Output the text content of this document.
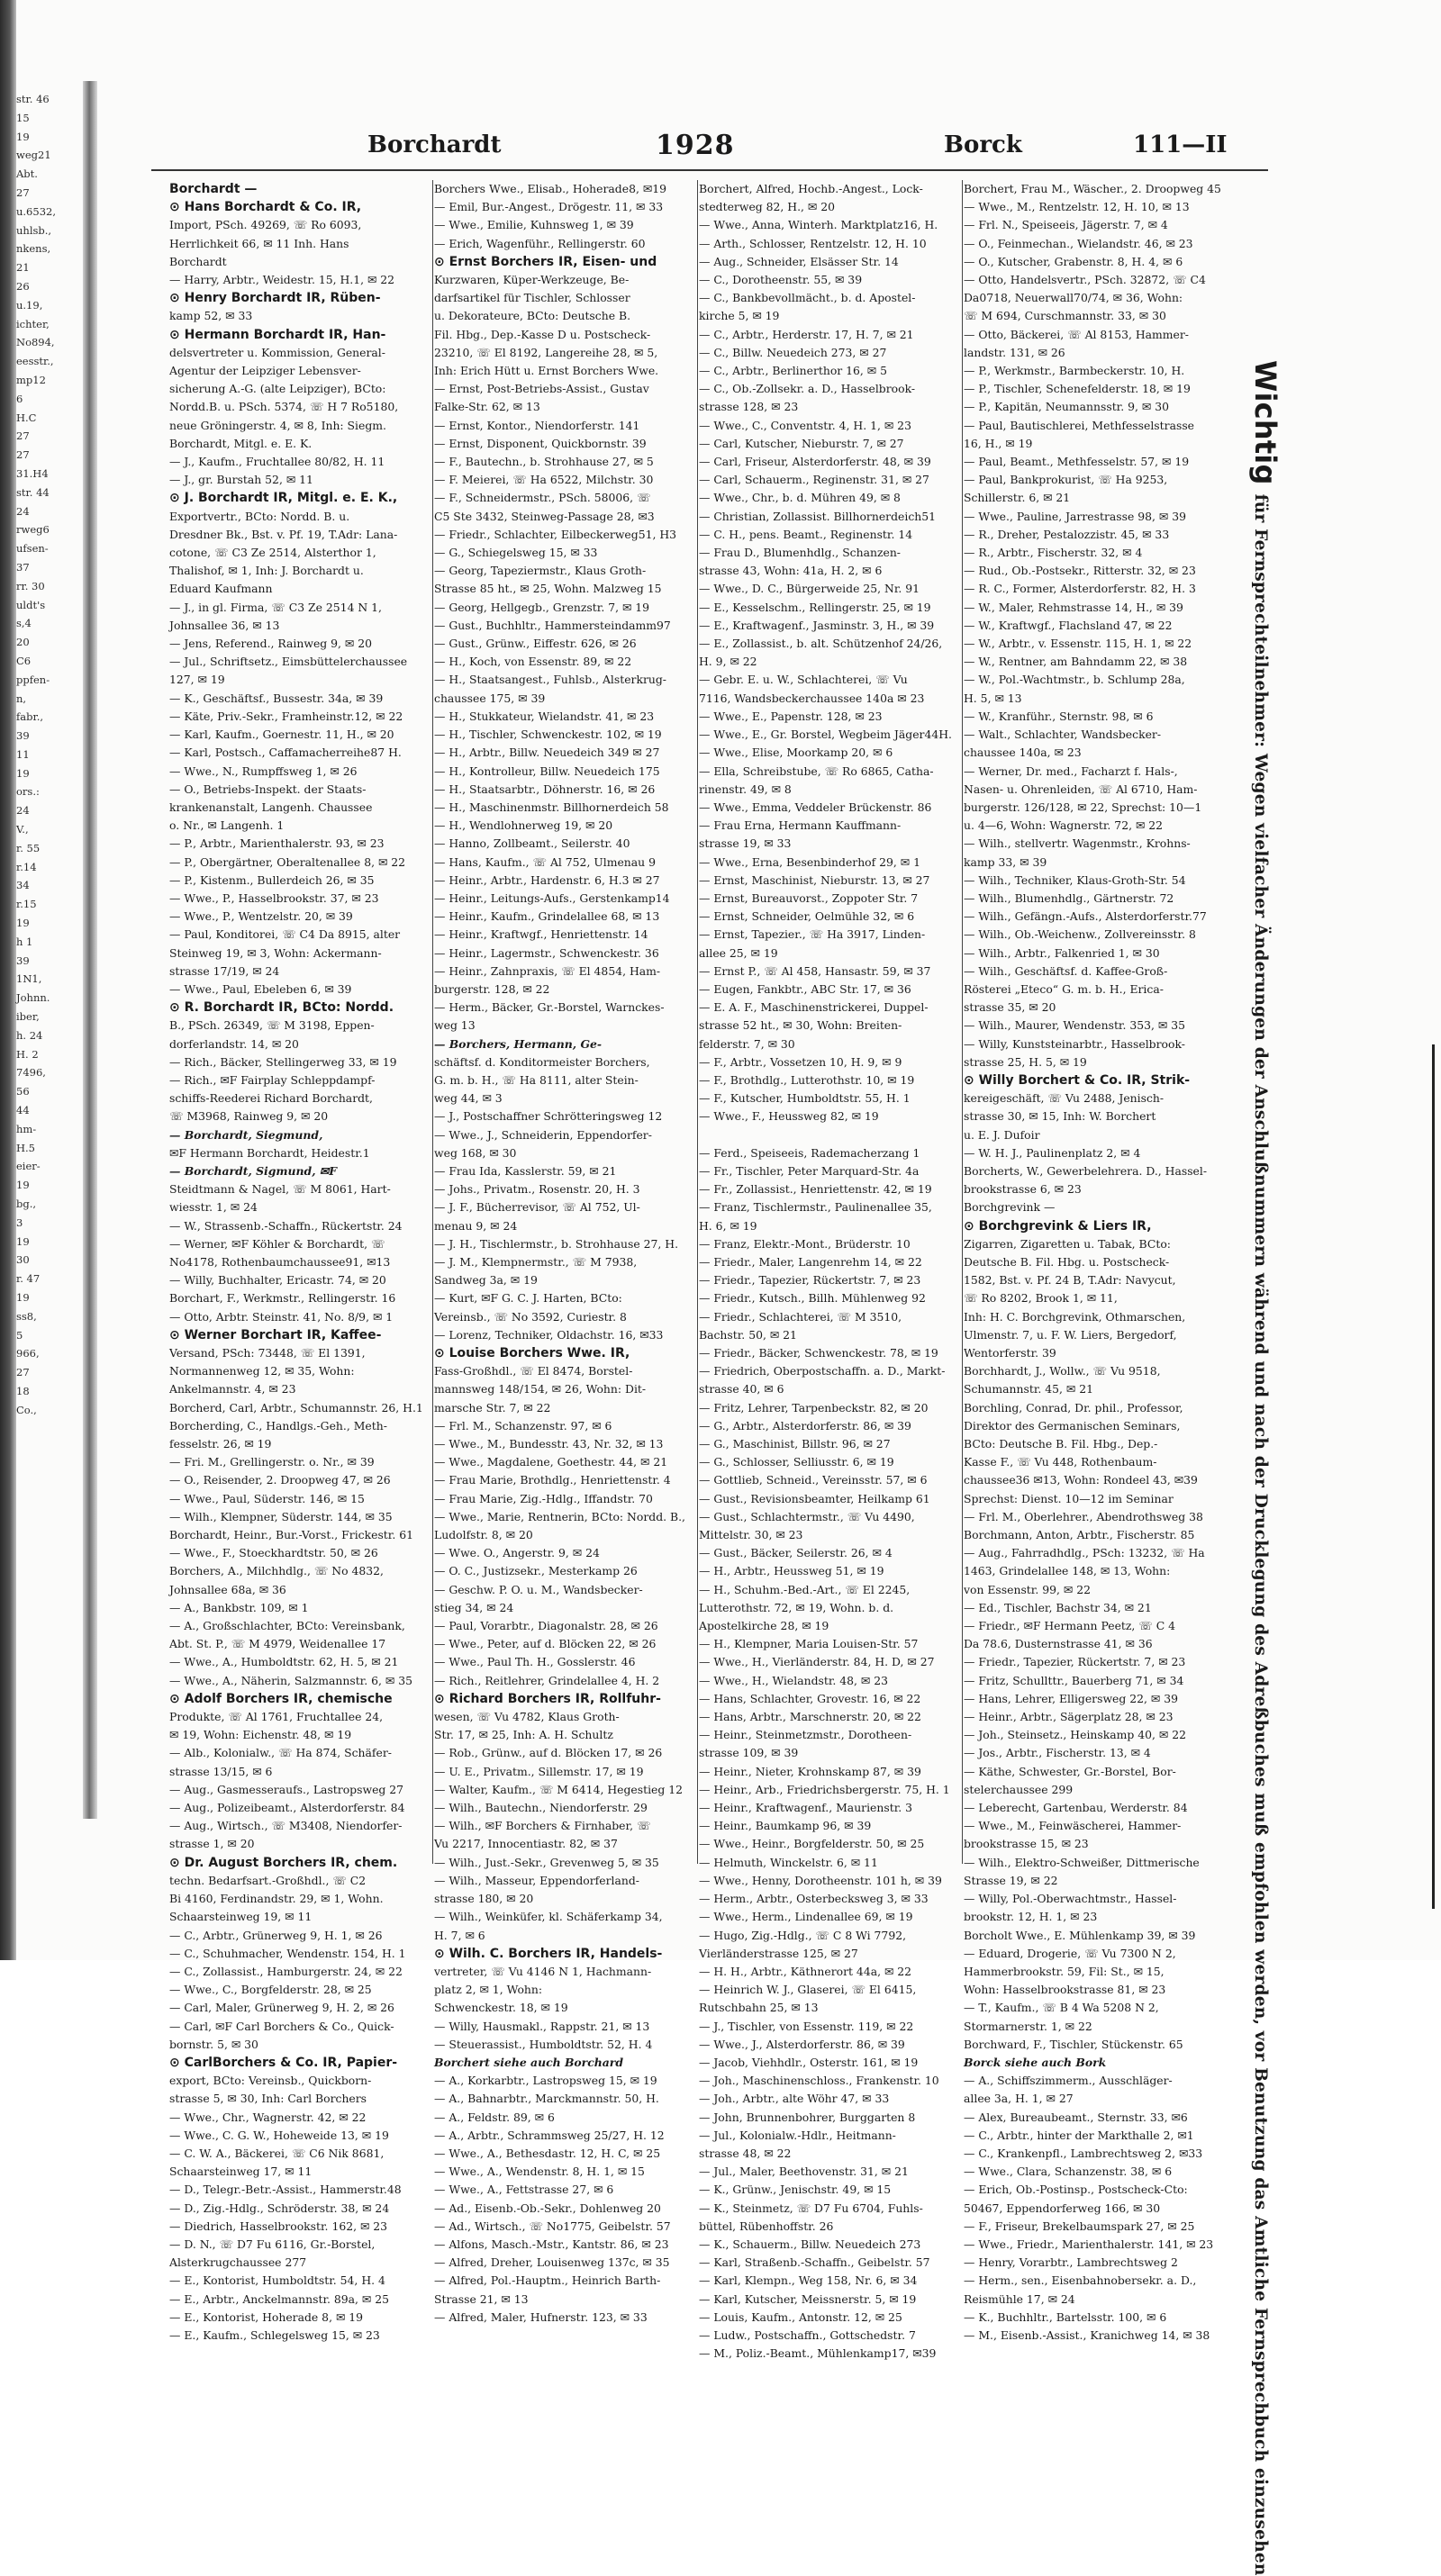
str. 46
15
19
weg21
Abt.
27
u.6532,
uhlsb.,
nkens,
21
26
u.19,
ichter,
No894,
eesstr.,
mp12
6
H.C
27
27
31.H4
str. 44
24
rweg6
ufsen-
37
rr. 30
uldt's
s,4
20
C6
ppfen-
n,
fabr.,
39
11
19
ors.:
24
V.,
r. 55
r.14
34
r.15
19
h 1
39
1N1,
Johnn.
iber,
h. 24
H. 2
7496,
56
44
hm-
H.5
eier-
19
bg.,
3
19
30
r. 47
19
ss8,
5
966,
27
18
Co.,
Borchardt	1928	Borck	111—II
Borchardt —
⊙ Hans Borchardt & Co. IR,
Import, PSch. 49269, ☏ Ro 6093,
Herrlichkeit 66, ✉ 11 Inh. Hans
Borchardt
— Harry, Arbtr., Weidestr. 15, H.1, ✉ 22
⊙ Henry Borchardt IR, Rüben-
kamp 52, ✉ 33
⊙ Hermann Borchardt IR, Han-
delsvertreter u. Kommission, General-
Agentur der Leipziger Lebensver-
sicherung A.-G. (alte Leipziger), BCto:
Nordd.B. u. PSch. 5374, ☏ H 7 Ro5180,
neue Gröningerstr. 4, ✉ 8, Inh: Siegm.
Borchardt, Mitgl. e. E. K.
— J., Kaufm., Fruchtallee 80/82, H. 11
— J., gr. Burstah 52, ✉ 11
⊙ J. Borchardt IR, Mitgl. e. E. K.,
Exportvertr., BCto: Nordd. B. u.
Dresdner Bk., Bst. v. Pf. 19, T.Adr: Lana-
cotone, ☏ C3 Ze 2514, Alsterthor 1,
Thalishof, ✉ 1, Inh: J. Borchardt u.
Eduard Kaufmann
— J., in gl. Firma, ☏ C3 Ze 2514 N 1,
Johnsallee 36, ✉ 13
— Jens, Referend., Rainweg 9, ✉ 20
— Jul., Schriftsetz., Eimsbüttelerchaussee
127, ✉ 19
— K., Geschäftsf., Bussestr. 34a, ✉ 39
— Käte, Priv.-Sekr., Framheinstr.12, ✉ 22
— Karl, Kaufm., Goernestr. 11, H., ✉ 20
— Karl, Postsch., Caffamacherreihe87 H.
— Wwe., N., Rumpffsweg 1, ✉ 26
— O., Betriebs-Inspekt. der Staats-
krankenanstalt, Langenh. Chaussee
o. Nr., ✉ Langenh. 1
— P., Arbtr., Marienthalerstr. 93, ✉ 23
— P., Obergärtner, Oberaltenallee 8, ✉ 22
— P., Kistenm., Bullerdeich 26, ✉ 35
— Wwe., P., Hasselbrookstr. 37, ✉ 23
— Wwe., P., Wentzelstr. 20, ✉ 39
— Paul, Konditorei, ☏ C4 Da 8915, alter
Steinweg 19, ✉ 3, Wohn: Ackermann-
strasse 17/19, ✉ 24
— Wwe., Paul, Ebeleben 6, ✉ 39
⊙ R. Borchardt IR, BCto: Nordd.
B., PSch. 26349, ☏ M 3198, Eppen-
dorferlandstr. 14, ✉ 20
— Rich., Bäcker, Stellingerweg 33, ✉ 19
— Rich., ✉F Fairplay Schleppdampf-
schiffs-Reederei Richard Borchardt,
☏ M3968, Rainweg 9, ✉ 20
— Borchardt, Siegmund,
✉F Hermann Borchardt, Heidestr.1
— Borchardt, Sigmund, ✉F
Steidtmann & Nagel, ☏ M 8061, Hart-
wiesstr. 1, ✉ 24
— W., Strassenb.-Schaffn., Rückertstr. 24
— Werner, ✉F Köhler & Borchardt, ☏
No4178, Rothenbaumchaussee91, ✉13
— Willy, Buchhalter, Ericastr. 74, ✉ 20
Borchart, F., Werkmstr., Rellingerstr. 16
— Otto, Arbtr. Steinstr. 41, No. 8/9, ✉ 1
⊙ Werner Borchart IR, Kaffee-
Versand, PSch: 73448, ☏ El 1391,
Normannenweg 12, ✉ 35, Wohn:
Ankelmannstr. 4, ✉ 23
Borcherd, Carl, Arbtr., Schumannstr. 26, H.1
Borcherding, C., Handlgs.-Geh., Meth-
fesselstr. 26, ✉ 19
— Fri. M., Grellingerstr. o. Nr., ✉ 39
— O., Reisender, 2. Droopweg 47, ✉ 26
— Wwe., Paul, Süderstr. 146, ✉ 15
— Wilh., Klempner, Süderstr. 144, ✉ 35
Borchardt, Heinr., Bur.-Vorst., Frickestr. 61
— Wwe., F., Stoeckhardtstr. 50, ✉ 26
Borchers, A., Milchhdlg., ☏ No 4832,
Johnsallee 68a, ✉ 36
— A., Bankbstr. 109, ✉ 1
— A., Großschlachter, BCto: Vereinsbank,
Abt. St. P., ☏ M 4979, Weidenallee 17
— Wwe., A., Humboldtstr. 62, H. 5, ✉ 21
— Wwe., A., Näherin, Salzmannstr. 6, ✉ 35
⊙ Adolf Borchers IR, chemische
Produkte, ☏ Al 1761, Fruchtallee 24,
✉ 19, Wohn: Eichenstr. 48, ✉ 19
— Alb., Kolonialw., ☏ Ha 874, Schäfer-
strasse 13/15, ✉ 6
— Aug., Gasmesseraufs., Lastropsweg 27
— Aug., Polizeibeamt., Alsterdorferstr. 84
— Aug., Wirtsch., ☏ M3408, Niendorfer-
strasse 1, ✉ 20
⊙ Dr. August Borchers IR, chem.
techn. Bedarfsart.-Großhdl., ☏ C2
Bi 4160, Ferdinandstr. 29, ✉ 1, Wohn.
Schaarsteinweg 19, ✉ 11
— C., Arbtr., Grünerweg 9, H. 1, ✉ 26
— C., Schuhmacher, Wendenstr. 154, H. 1
— C., Zollassist., Hamburgerstr. 24, ✉ 22
— Wwe., C., Borgfelderstr. 28, ✉ 25
— Carl, Maler, Grünerweg 9, H. 2, ✉ 26
— Carl, ✉F Carl Borchers & Co., Quick-
bornstr. 5, ✉ 30
⊙ CarlBorchers & Co. IR, Papier-
export, BCto: Vereinsb., Quickborn-
strasse 5, ✉ 30, Inh: Carl Borchers
— Wwe., Chr., Wagnerstr. 42, ✉ 22
— Wwe., C. G. W., Hoheweide 13, ✉ 19
— C. W. A., Bäckerei, ☏ C6 Nik 8681,
Schaarsteinweg 17, ✉ 11
— D., Telegr.-Betr.-Assist., Hammerstr.48
— D., Zig.-Hdlg., Schröderstr. 38, ✉ 24
— Diedrich, Hasselbrookstr. 162, ✉ 23
— D. N., ☏ D7 Fu 6116, Gr.-Borstel,
Alsterkrugchaussee 277
— E., Kontorist, Humboldtstr. 54, H. 4
— E., Arbtr., Anckelmannstr. 89a, ✉ 25
— E., Kontorist, Hoheradе 8, ✉ 19
— E., Kaufm., Schlegelsweg 15, ✉ 23
Borchers Wwe., Elisab., Hoheradе8, ✉19
— Emil, Bur.-Angest., Drögestr. 11, ✉ 33
— Wwe., Emilie, Kuhnsweg 1, ✉ 39
— Erich, Wagenführ., Rellingerstr. 60
⊙ Ernst Borchers IR, Eisen- und
Kurzwaren, Küper-Werkzeuge, Be-
darfsartikel für Tischler, Schlosser
u. Dekorateure, BCto: Deutsche B.
Fil. Hbg., Dep.-Kasse D u. Postscheck-
23210, ☏ El 8192, Langereihe 28, ✉ 5,
Inh: Erich Hütt u. Ernst Borchers Wwe.
— Ernst, Post-Betriebs-Assist., Gustav
Falke-Str. 62, ✉ 13
— Ernst, Kontor., Niendorferstr. 141
— Ernst, Disponent, Quickbornstr. 39
— F., Bautechn., b. Strohhause 27, ✉ 5
— F. Meierei, ☏ Ha 6522, Milchstr. 30
— F., Schneidermstr., PSch. 58006, ☏
C5 Ste 3432, Steinweg-Passage 28, ✉3
— Friedr., Schlachter, Eilbeckerweg51, H3
— G., Schiegelsweg 15, ✉ 33
— Georg, Tapeziermstr., Klaus Groth-
Strasse 85 ht., ✉ 25, Wohn. Malzweg 15
— Georg, Hellgegb., Grenzstr. 7, ✉ 19
— Gust., Buchhltr., Hammersteindamm97
— Gust., Grünw., Eiffestr. 626, ✉ 26
— H., Koch, von Essenstr. 89, ✉ 22
— H., Staatsangest., Fuhlsb., Alsterkrug-
chaussee 175, ✉ 39
— H., Stukkateur, Wielandstr. 41, ✉ 23
— H., Tischler, Schwenckestr. 102, ✉ 19
— H., Arbtr., Billw. Neuedeich 349 ✉ 27
— H., Kontrolleur, Billw. Neuedeich 175
— H., Staatsarbtr., Döhnerstr. 16, ✉ 26
— H., Maschinenmstr. Billhornerdeich 58
— H., Wendlohnerweg 19, ✉ 20
— Hanno, Zollbeamt., Seilerstr. 40
— Hans, Kaufm., ☏ Al 752, Ulmenau 9
— Heinr., Arbtr., Hardenstr. 6, H.3 ✉ 27
— Heinr., Leitungs-Aufs., Gerstenkamp14
— Heinr., Kaufm., Grindelallee 68, ✉ 13
— Heinr., Kraftwgf., Henriettenstr. 14
— Heinr., Lagermstr., Schwenckestr. 36
— Heinr., Zahnpraxis, ☏ El 4854, Ham-
burgerstr. 128, ✉ 22
— Herm., Bäcker, Gr.-Borstel, Warnckes-
weg 13
— Borchers, Hermann, Ge-
schäftsf. d. Konditormeister Borchers,
G. m. b. H., ☏ Ha 8111, alter Stein-
weg 44, ✉ 3
— J., Postschaffner Schrötteringsweg 12
— Wwe., J., Schneiderin, Eppendorfer-
weg 168, ✉ 30
— Frau Ida, Kasslerstr. 59, ✉ 21
— Johs., Privatm., Rosenstr. 20, H. 3
— J. F., Bücherrevisor, ☏ Al 752, Ul-
menau 9, ✉ 24
— J. H., Tischlermstr., b. Strohhause 27, H.
— J. M., Klempnermstr., ☏ M 7938,
Sandweg 3a, ✉ 19
— Kurt, ✉F G. C. J. Harten, BCto:
Vereinsb., ☏ No 3592, Curiestr. 8
— Lorenz, Techniker, Oldachstr. 16, ✉33
⊙ Louise Borchers Wwe. IR,
Fass-Großhdl., ☏ El 8474, Borstel-
mannsweg 148/154, ✉ 26, Wohn: Dit-
marsche Str. 7, ✉ 22
— Frl. M., Schanzenstr. 97, ✉ 6
— Wwe., M., Bundesstr. 43, Nr. 32, ✉ 13
— Wwe., Magdalene, Goethestr. 44, ✉ 21
— Frau Marie, Brothdlg., Henriettenstr. 4
— Frau Marie, Zig.-Hdlg., Iffandstr. 70
— Wwe., Marie, Rentnerin, BCto: Nordd. B.,
Ludolfstr. 8, ✉ 20
— Wwe. O., Angerstr. 9, ✉ 24
— O. C., Justizsekr., Mesterkamp 26
— Geschw. P. O. u. M., Wandsbecker-
stieg 34, ✉ 24
— Paul, Vorarbtr., Diagonalstr. 28, ✉ 26
— Wwe., Peter, auf d. Blöcken 22, ✉ 26
— Wwe., Paul Th. H., Gosslerstr. 46
— Rich., Reitlehrer, Grindelallee 4, H. 2
⊙ Richard Borchers IR, Rollfuhr-
wesen, ☏ Vu 4782, Klaus Groth-
Str. 17, ✉ 25, Inh: A. H. Schultz
— Rob., Grünw., auf d. Blöcken 17, ✉ 26
— U. E., Privatm., Sillemstr. 17, ✉ 19
— Walter, Kaufm., ☏ M 6414, Hegestieg 12
— Wilh., Bautechn., Niendorferstr. 29
— Wilh., ✉F Borchers & Firnhaber, ☏
Vu 2217, Innocentiastr. 82, ✉ 37
— Wilh., Just.-Sekr., Grevenweg 5, ✉ 35
— Wilh., Masseur, Eppendorferland-
strasse 180, ✉ 20
— Wilh., Weinküfer, kl. Schäferkamp 34,
H. 7, ✉ 6
⊙ Wilh. C. Borchers IR, Handels-
vertreter, ☏ Vu 4146 N 1, Hachmann-
platz 2, ✉ 1, Wohn:
Schwenckestr. 18, ✉ 19
— Willy, Hausmakl., Rappstr. 21, ✉ 13
— Steuerassist., Humboldtstr. 52, H. 4
Borchert siehe auch Borchard
— A., Korkarbtr., Lastropsweg 15, ✉ 19
— A., Bahnarbtr., Marckmannstr. 50, H.
— A., Feldstr. 89, ✉ 6
— A., Arbtr., Schrammsweg 25/27, H. 12
— Wwe., A., Bethesdastr. 12, H. C, ✉ 25
— Wwe., A., Wendenstr. 8, H. 1, ✉ 15
— Wwe., A., Fettstrasse 27, ✉ 6
— Ad., Eisenb.-Ob.-Sekr., Dohlenweg 20
— Ad., Wirtsch., ☏ No1775, Geibelstr. 57
— Alfons, Masch.-Mstr., Kantstr. 86, ✉ 23
— Alfred, Dreher, Louisenweg 137c, ✉ 35
— Alfred, Pol.-Hauptm., Heinrich Barth-
Strasse 21, ✉ 13
— Alfred, Maler, Hufnerstr. 123, ✉ 33
Borchert, Alfred, Hochb.-Angest., Lock-
stedterweg 82, H., ✉ 20
— Wwe., Anna, Winterh. Marktplatz16, H.
— Arth., Schlosser, Rentzelstr. 12, H. 10
— Aug., Schneider, Elsässer Str. 14
— C., Dorotheenstr. 55, ✉ 39
— C., Bankbevollmächt., b. d. Apostel-
kirche 5, ✉ 19
— C., Arbtr., Herderstr. 17, H. 7, ✉ 21
— C., Billw. Neuedeich 273, ✉ 27
— C., Arbtr., Berlinerthor 16, ✉ 5
— C., Ob.-Zollsekr. a. D., Hasselbrook-
strasse 128, ✉ 23
— Wwe., C., Conventstr. 4, H. 1, ✉ 23
— Carl, Kutscher, Nieburstr. 7, ✉ 27
— Carl, Friseur, Alsterdorferstr. 48, ✉ 39
— Carl, Schauerm., Reginenstr. 31, ✉ 27
— Wwe., Chr., b. d. Mühren 49, ✉ 8
— Christian, Zollassist. Billhornerdeich51
— C. H., pens. Beamt., Reginenstr. 14
— Frau D., Blumenhdlg., Schanzen-
strasse 43, Wohn: 41a, H. 2, ✉ 6
— Wwe., D. C., Bürgerweide 25, Nr. 91
— E., Kesselschm., Rellingerstr. 25, ✉ 19
— E., Kraftwagenf., Jasminstr. 3, H., ✉ 39
— E., Zollassist., b. alt. Schützenhof 24/26,
H. 9, ✉ 22
— Gebr. E. u. W., Schlachterei, ☏ Vu
7116, Wandsbeckerchaussee 140a ✉ 23
— Wwe., E., Papenstr. 128, ✉ 23
— Wwe., E., Gr. Borstel, Wegbeim Jäger44H.
— Wwe., Elise, Moorkamp 20, ✉ 6
— Ella, Schreibstube, ☏ Ro 6865, Catha-
rinenstr. 49, ✉ 8
— Wwe., Emma, Veddeler Brückenstr. 86
— Frau Erna, Hermann Kauffmann-
strasse 19, ✉ 33
— Wwe., Erna, Besenbinderhof 29, ✉ 1
— Ernst, Maschinist, Nieburstr. 13, ✉ 27
— Ernst, Bureauvorst., Zoppoter Str. 7
— Ernst, Schneider, Oelmühle 32, ✉ 6
— Ernst, Tapezier., ☏ Ha 3917, Linden-
allee 25, ✉ 19
— Ernst P., ☏ Al 458, Hansastr. 59, ✉ 37
— Eugen, Fankbtr., ABC Str. 17, ✉ 36
— E. A. F., Maschinenstrickerei, Duppel-
strasse 52 ht., ✉ 30, Wohn: Breiten-
felderstr. 7, ✉ 30
— F., Arbtr., Vossetzen 10, H. 9, ✉ 9
— F., Brothdlg., Lutterothstr. 10, ✉ 19
— F., Kutscher, Humboldtstr. 55, H. 1
— Wwe., F., Heussweg 82, ✉ 19

— Ferd., Speiseeis, Rademacherzang 1
— Fr., Tischler, Peter Marquard-Str. 4a
— Fr., Zollassist., Henriettenstr. 42, ✉ 19
— Franz, Tischlermstr., Paulinenallee 35,
H. 6, ✉ 19
— Franz, Elektr.-Mont., Brüderstr. 10
— Friedr., Maler, Langenrehm 14, ✉ 22
— Friedr., Tapezier, Rückertstr. 7, ✉ 23
— Friedr., Kutsch., Billh. Mühlenweg 92
— Friedr., Schlachterei, ☏ M 3510,
Bachstr. 50, ✉ 21
— Friedr., Bäcker, Schwenckestr. 78, ✉ 19
— Friedrich, Oberpostschaffn. a. D., Markt-
strasse 40, ✉ 6
— Fritz, Lehrer, Tarpenbeckstr. 82, ✉ 20
— G., Arbtr., Alsterdorferstr. 86, ✉ 39
— G., Maschinist, Billstr. 96, ✉ 27
— G., Schlosser, Selliusstr. 6, ✉ 19
— Gottlieb, Schneid., Vereinsstr. 57, ✉ 6
— Gust., Revisionsbeamter, Heilkamp 61
— Gust., Schlachtermstr., ☏ Vu 4490,
Mittelstr. 30, ✉ 23
— Gust., Bäcker, Seilerstr. 26, ✉ 4
— H., Arbtr., Heussweg 51, ✉ 19
— H., Schuhm.-Bed.-Art., ☏ El 2245,
Lutterothstr. 72, ✉ 19, Wohn. b. d.
Apostelkirche 28, ✉ 19
— H., Klempner, Maria Louisen-Str. 57
— Wwe., H., Vierländerstr. 84, H. D, ✉ 27
— Wwe., H., Wielandstr. 48, ✉ 23
— Hans, Schlachter, Grovestr. 16, ✉ 22
— Hans, Arbtr., Marschnerstr. 20, ✉ 22
— Heinr., Steinmetzmstr., Dorotheen-
strasse 109, ✉ 39
— Heinr., Nieter, Krohnskamp 87, ✉ 39
— Heinr., Arb., Friedrichsbergerstr. 75, H. 1
— Heinr., Kraftwagenf., Maurienstr. 3
— Heinr., Baumkamp 96, ✉ 39
— Wwe., Heinr., Borgfelderstr. 50, ✉ 25
— Helmuth, Winckelstr. 6, ✉ 11
— Wwe., Henny, Dorotheenstr. 101 h, ✉ 39
— Herm., Arbtr., Osterbecksweg 3, ✉ 33
— Wwe., Herm., Lindenallee 69, ✉ 19
— Hugo, Zig.-Hdlg., ☏ C 8 Wi 7792,
Vierländerstrasse 125, ✉ 27
— H. H., Arbtr., Käthnerort 44a, ✉ 22
— Heinrich W. J., Glaserei, ☏ El 6415,
Rutschbahn 25, ✉ 13
— J., Tischler, von Essenstr. 119, ✉ 22
— Wwe., J., Alsterdorferstr. 86, ✉ 39
— Jacob, Viehhdlr., Osterstr. 161, ✉ 19
— Joh., Maschinenschloss., Frankenstr. 10
— Joh., Arbtr., alte Wöhr 47, ✉ 33
— John, Brunnenbohrer, Burggarten 8
— Jul., Kolonialw.-Hdlr., Heitmann-
strasse 48, ✉ 22
— Jul., Maler, Beethovenstr. 31, ✉ 21
— K., Grünw., Jenischstr. 49, ✉ 15
— K., Steinmetz, ☏ D7 Fu 6704, Fuhls-
büttel, Rübenhoffstr. 26
— K., Schauerm., Billw. Neuedeich 273
— Karl, Straßenb.-Schaffn., Geibelstr. 57
— Karl, Klempn., Weg 158, Nr. 6, ✉ 34
— Karl, Kutscher, Meissnerstr. 5, ✉ 19
— Louis, Kaufm., Antonstr. 12, ✉ 25
— Ludw., Postschaffn., Gottschedstr. 7
— M., Poliz.-Beamt., Mühlenkamp17, ✉39
Borchert, Frau M., Wäscher., 2. Droopweg 45
— Wwe., M., Rentzelstr. 12, H. 10, ✉ 13
— Frl. N., Speiseeis, Jägerstr. 7, ✉ 4
— O., Feinmechan., Wielandstr. 46, ✉ 23
— O., Kutscher, Grabenstr. 8, H. 4, ✉ 6
— Otto, Handelsvertr., PSch. 32872, ☏ C4
Da0718, Neuerwall70/74, ✉ 36, Wohn:
☏ M 694, Curschmannstr. 33, ✉ 30
— Otto, Bäckerei, ☏ Al 8153, Hammer-
landstr. 131, ✉ 26
— P., Werkmstr., Barmbeckerstr. 10, H.
— P., Tischler, Schenefelderstr. 18, ✉ 19
— P., Kapitän, Neumannsstr. 9, ✉ 30
— Paul, Bautischlerei, Methfesselstrasse
16, H., ✉ 19
— Paul, Beamt., Methfesselstr. 57, ✉ 19
— Paul, Bankprokurist, ☏ Ha 9253,
Schillerstr. 6, ✉ 21
— Wwe., Pauline, Jarrestrasse 98, ✉ 39
— R., Dreher, Pestalozzistr. 45, ✉ 33
— R., Arbtr., Fischerstr. 32, ✉ 4
— Rud., Ob.-Postsekr., Ritterstr. 32, ✉ 23
— R. C., Former, Alsterdorferstr. 82, H. 3
— W., Maler, Rehmstrasse 14, H., ✉ 39
— W., Kraftwgf., Flachsland 47, ✉ 22
— W., Arbtr., v. Essenstr. 115, H. 1, ✉ 22
— W., Rentner, am Bahndamm 22, ✉ 38
— W., Pol.-Wachtmstr., b. Schlump 28a,
H. 5, ✉ 13
— W., Kranführ., Sternstr. 98, ✉ 6
— Walt., Schlachter, Wandsbecker-
chaussee 140a, ✉ 23
— Werner, Dr. med., Facharzt f. Hals-,
Nasen- u. Ohrenleiden, ☏ Al 6710, Ham-
burgerstr. 126/128, ✉ 22, Sprechst: 10—1
u. 4—6, Wohn: Wagnerstr. 72, ✉ 22
— Wilh., stellvertr. Wagenmstr., Krohns-
kamp 33, ✉ 39
— Wilh., Techniker, Klaus-Groth-Str. 54
— Wilh., Blumenhdlg., Gärtnerstr. 72
— Wilh., Gefängn.-Aufs., Alsterdorferstr.77
— Wilh., Ob.-Weichenw., Zollvereinsstr. 8
— Wilh., Arbtr., Falkenried 1, ✉ 30
— Wilh., Geschäftsf. d. Kaffee-Groß-
Rösterei „Eteco“ G. m. b. H., Erica-
strasse 35, ✉ 20
— Wilh., Maurer, Wendenstr. 353, ✉ 35
— Willy, Kunststeinarbtr., Hasselbrook-
strasse 25, H. 5, ✉ 19
⊙ Willy Borchert & Co. IR, Strik-
kereigeschäft, ☏ Vu 2488, Jenisch-
strasse 30, ✉ 15, Inh: W. Borchert
u. E. J. Dufoir
— W. H. J., Paulinenplatz 2, ✉ 4
Borcherts, W., Gewerbelehrera. D., Hassel-
brookstrasse 6, ✉ 23
Borchgrevink —
⊙ Borchgrevink & Liers IR,
Zigarren, Zigaretten u. Tabak, BCto:
Deutsche B. Fil. Hbg. u. Postscheck-
1582, Bst. v. Pf. 24 B, T.Adr: Navycut,
☏ Ro 8202, Brook 1, ✉ 11,
Inh: H. C. Borchgrevink, Othmarschen,
Ulmenstr. 7, u. F. W. Liers, Bergedorf,
Wentorferstr. 39
Borchhardt, J., Wollw., ☏ Vu 9518,
Schumannstr. 45, ✉ 21
Borchling, Conrad, Dr. phil., Professor,
Direktor des Germanischen Seminars,
BCto: Deutsche B. Fil. Hbg., Dep.-
Kasse F., ☏ Vu 448, Rothenbaum-
chaussee36 ✉13, Wohn: Rondeel 43, ✉39
Sprechst: Dienst. 10—12 im Seminar
— Frl. M., Oberlehrer., Abendrothsweg 38
Borchmann, Anton, Arbtr., Fischerstr. 85
— Aug., Fahrradhdlg., PSch: 13232, ☏ Ha
1463, Grindelallee 148, ✉ 13, Wohn:
von Essenstr. 99, ✉ 22
— Ed., Tischler, Bachstr 34, ✉ 21
— Friedr., ✉F Hermann Peetz, ☏ C 4
Da 78.6, Dusternstrasse 41, ✉ 36
— Friedr., Tapezier, Rückertstr. 7, ✉ 23
— Fritz, Schullttr., Bauerberg 71, ✉ 34
— Hans, Lehrer, Elligersweg 22, ✉ 39
— Heinr., Arbtr., Sägerplatz 28, ✉ 23
— Joh., Steinsetz., Heinskamp 40, ✉ 22
— Jos., Arbtr., Fischerstr. 13, ✉ 4
— Käthe, Schwester, Gr.-Borstel, Bor-
stelerchaussee 299
— Leberecht, Gartenbau, Werderstr. 84
— Wwe., M., Feinwäscherei, Hammer-
brookstrasse 15, ✉ 23
— Wilh., Elektro-Schweißer, Dittmerische
Strasse 19, ✉ 22
— Willy, Pol.-Oberwachtmstr., Hassel-
brookstr. 12, H. 1, ✉ 23
Borcholt Wwe., E. Mühlenkamp 39, ✉ 39
— Eduard, Drogerie, ☏ Vu 7300 N 2,
Hammerbrookstr. 59, Fil: St., ✉ 15,
Wohn: Hasselbrookstrasse 81, ✉ 23
— T., Kaufm., ☏ B 4 Wa 5208 N 2,
Stormarnerstr. 1, ✉ 22
Borchward, F., Tischler, Stückenstr. 65
Borck siehe auch Bork
— A., Schiffszimmerm., Ausschläger-
allee 3a, H. 1, ✉ 27
— Alex, Bureaubeamt., Sternstr. 33, ✉6
— C., Arbtr., hinter der Markthalle 2, ✉1
— C., Krankenpfl., Lambrechtsweg 2, ✉33
— Wwe., Clara, Schanzenstr. 38, ✉ 6
— Erich, Ob.-Postinsp., Postscheck-Cto:
50467, Eppendorferweg 166, ✉ 30
— F., Friseur, Brekelbaumspark 27, ✉ 25
— Wwe., Friedr., Marienthalerstr. 141, ✉ 23
— Henry, Vorarbtr., Lambrechtsweg 2
— Herm., sen., Eisenbahnobersekr. a. D.,
Reismühle 17, ✉ 24
— K., Buchhltr., Bartelsstr. 100, ✉ 6
— M., Eisenb.-Assist., Kranichweg 14, ✉ 38
Wichtigfür Fernsprechteilnehmer: Wegen vielfacher Änderungen der Anschlußnummern während und nach der Drucklegung des Adreßbuches muß empfohlen werden, vor Benutzung das Amtliche Fernsprechbuch einzusehen
